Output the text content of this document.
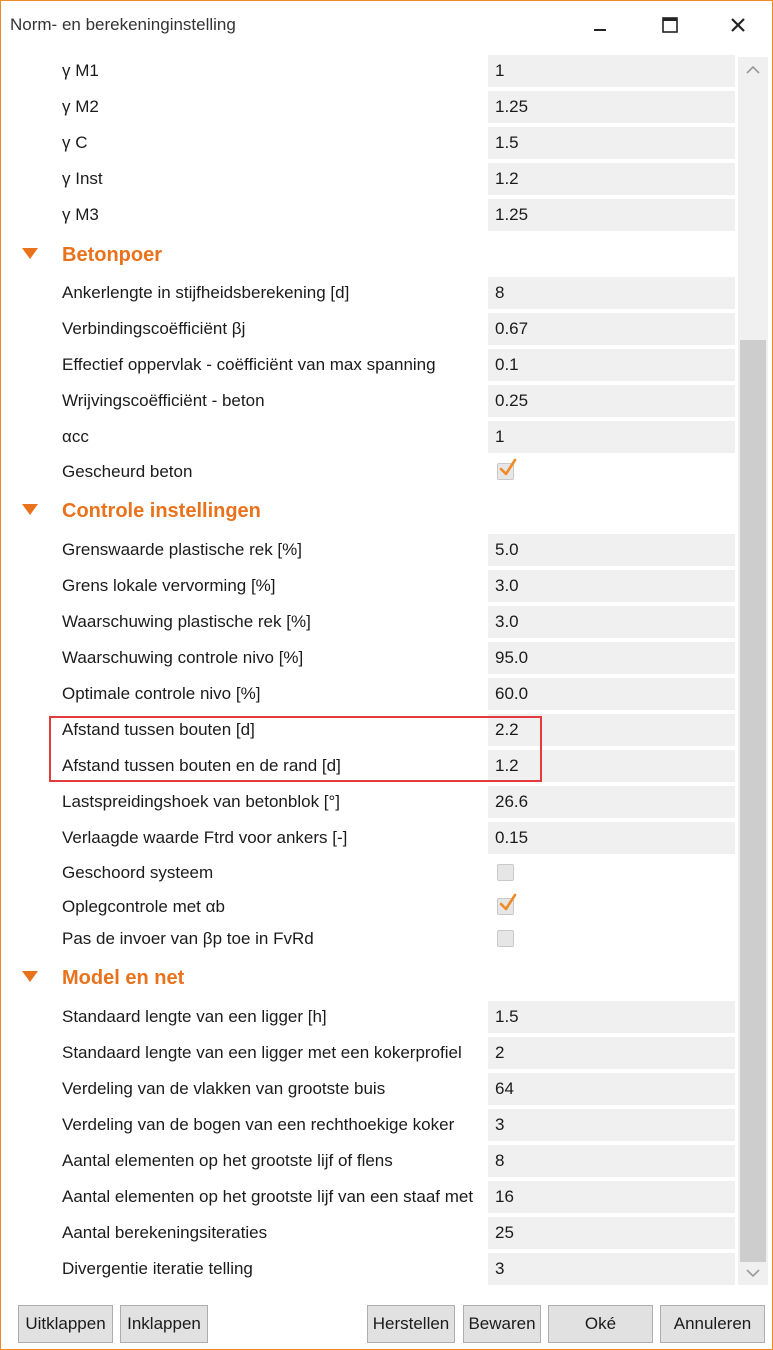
Norm- en berekeninginstelling
γ M1	1
γ M2	1.25
γ C	1.5
γ Inst	1.2
γ M3	1.25
Betonpoer
Ankerlengte in stijfheidsberekening [d]	8
Verbindingscoëfficiënt βj	0.67
Effectief oppervlak - coëfficiënt van max spanning	0.1
Wrijvingscoëfficiënt - beton	0.25
αcc	1
Gescheurd beton
Controle instellingen
Grenswaarde plastische rek [%]	5.0
Grens lokale vervorming [%]	3.0
Waarschuwing plastische rek [%]	3.0
Waarschuwing controle nivo [%]	95.0
Optimale controle nivo [%]	60.0
Afstand tussen bouten [d]	2.2
Afstand tussen bouten en de rand [d]	1.2
Lastspreidingshoek van betonblok [°]	26.6
Verlaagde waarde Ftrd voor ankers [-]	0.15
Geschoord systeem
Oplegcontrole met αb
Pas de invoer van βp toe in FvRd
Model en net
Standaard lengte van een ligger [h]	1.5
Standaard lengte van een ligger met een kokerprofiel	2
Verdeling van de vlakken van grootste buis	64
Verdeling van de bogen van een rechthoekige koker	3
Aantal elementen op het grootste lijf of flens	8
Aantal elementen op het grootste lijf van een staaf met	16
Aantal berekeningsiteraties	25
Divergentie iteratie telling	3
Uitklappen	Inklappen	Herstellen	Bewaren	Oké	Annuleren
